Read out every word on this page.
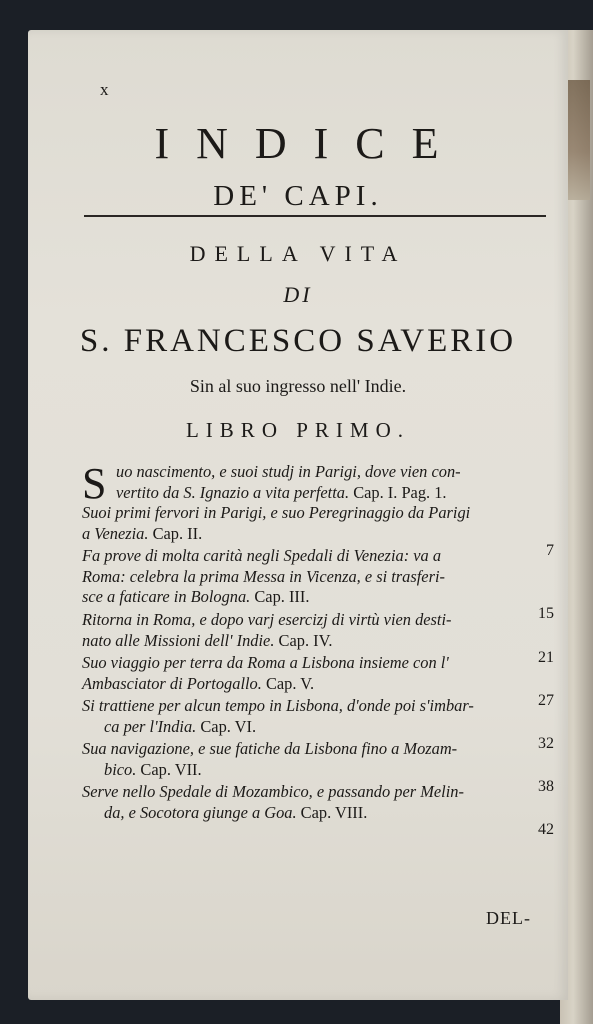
x
INDICE
DE' CAPI.
DELLA VITA
DI
S. FRANCESCO SAVERIO
Sin al suo ingresso nell' Indie.
LIBRO PRIMO.
S uo nascimento, e suoi studj in Parigi, dove vien con-
vertito da S. Ignazio a vita perfetta. Cap. I. Pag. 1.
Suoi primi fervori in Parigi, e suo Peregrinaggio da Parigi
a Venezia. Cap. II.
7
Fa prove di molta carità negli Spedali di Venezia: va a
Roma: celebra la prima Messa in Vicenza, e si trasferi-
sce a faticare in Bologna. Cap. III.
15
Ritorna in Roma, e dopo varj esercizj di virtù vien desti-
nato alle Missioni dell' Indie. Cap. IV.
21
Suo viaggio per terra da Roma a Lisbona insieme con l'
Ambasciator di Portogallo. Cap. V.
27
Si trattiene per alcun tempo in Lisbona, d'onde poi s'imbar-
ca per l'India. Cap. VI.
32
Sua navigazione, e sue fatiche da Lisbona fino a Mozam-
bico. Cap. VII.
38
Serve nello Spedale di Mozambico, e passando per Melin-
da, e Socotora giunge a Goa. Cap. VIII.
42
DEL-
